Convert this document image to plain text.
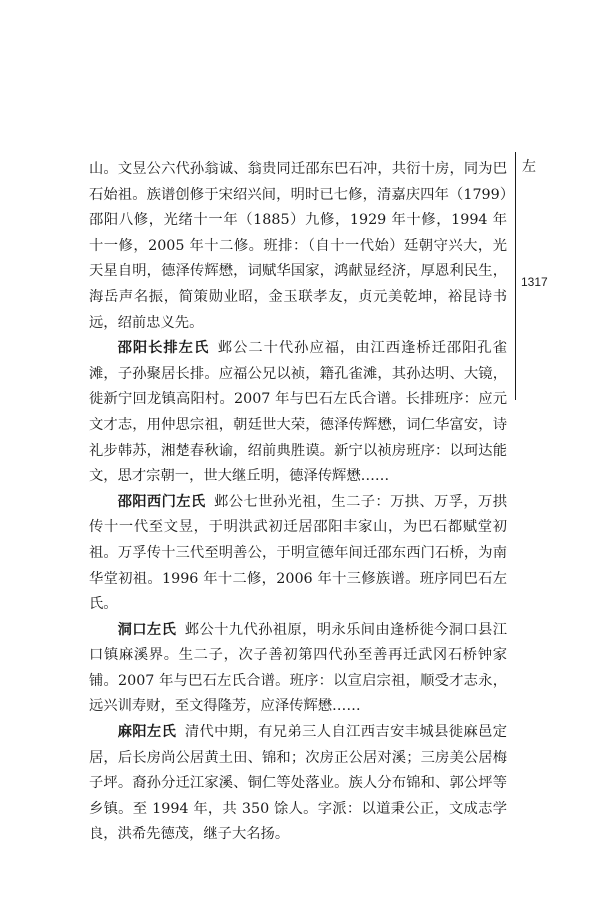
左
1317

山。文昱公六代孙翁诚、翁贵同迁邵东巴石冲，共衍十房，同为巴石始祖。族谱创修于宋绍兴间，明时已七修，清嘉庆四年（1799）邵阳八修，光绪十一年（1885）九修，1929 年十修，1994 年十一修，2005 年十二修。班排：（自十一代始）廷朝守兴大，光天星自明，德泽传辉懋，词赋华国家，鸿献显经济，厚恩利民生，海岳声名振，简策勋业昭，金玉联孝友，贞元美乾坤，裕昆诗书远，绍前忠义先。

邵阳长排左氏 邺公二十代孙应福，由江西逢桥迁邵阳孔雀滩，子孙聚居长排。应福公兄以祯，籍孔雀滩，其孙达明、大镜，徙新宁回龙镇高阳村。2007 年与巴石左氏合谱。长排班序：应元文才志，用仲思宗祖，朝廷世大荣，德泽传辉懋，词仁华富安，诗礼步韩苏，湘楚春秋谕，绍前典胜谟。新宁以祯房班序：以珂达能文，思才宗朝一，世大继丘明，德泽传辉懋……

邵阳西门左氏 邺公七世孙光祖，生二子：万拱、万孚，万拱传十一代至文昱，于明洪武初迁居邵阳丰家山，为巴石都赋堂初祖。万孚传十三代至明善公，于明宣德年间迁邵东西门石桥，为南华堂初祖。1996 年十二修，2006 年十三修族谱。班序同巴石左氏。

洞口左氏 邺公十九代孙祖原，明永乐间由逢桥徙今洞口县江口镇麻溪界。生二子，次子善初第四代孙至善再迁武冈石桥钟家铺。2007 年与巴石左氏合谱。班序：以宣启宗祖，顺受才志永，远兴训寿财，至文得隆芳，应泽传辉懋……

麻阳左氏 清代中期，有兄弟三人自江西吉安丰城县徙麻邑定居，后长房尚公居黄土田、锦和；次房正公居对溪；三房美公居梅子坪。裔孙分迁江家溪、铜仁等处落业。族人分布锦和、郭公坪等乡镇。至 1994 年，共 350 馀人。字派：以道秉公正，文成志学良，洪希先德茂，继子大名扬。
